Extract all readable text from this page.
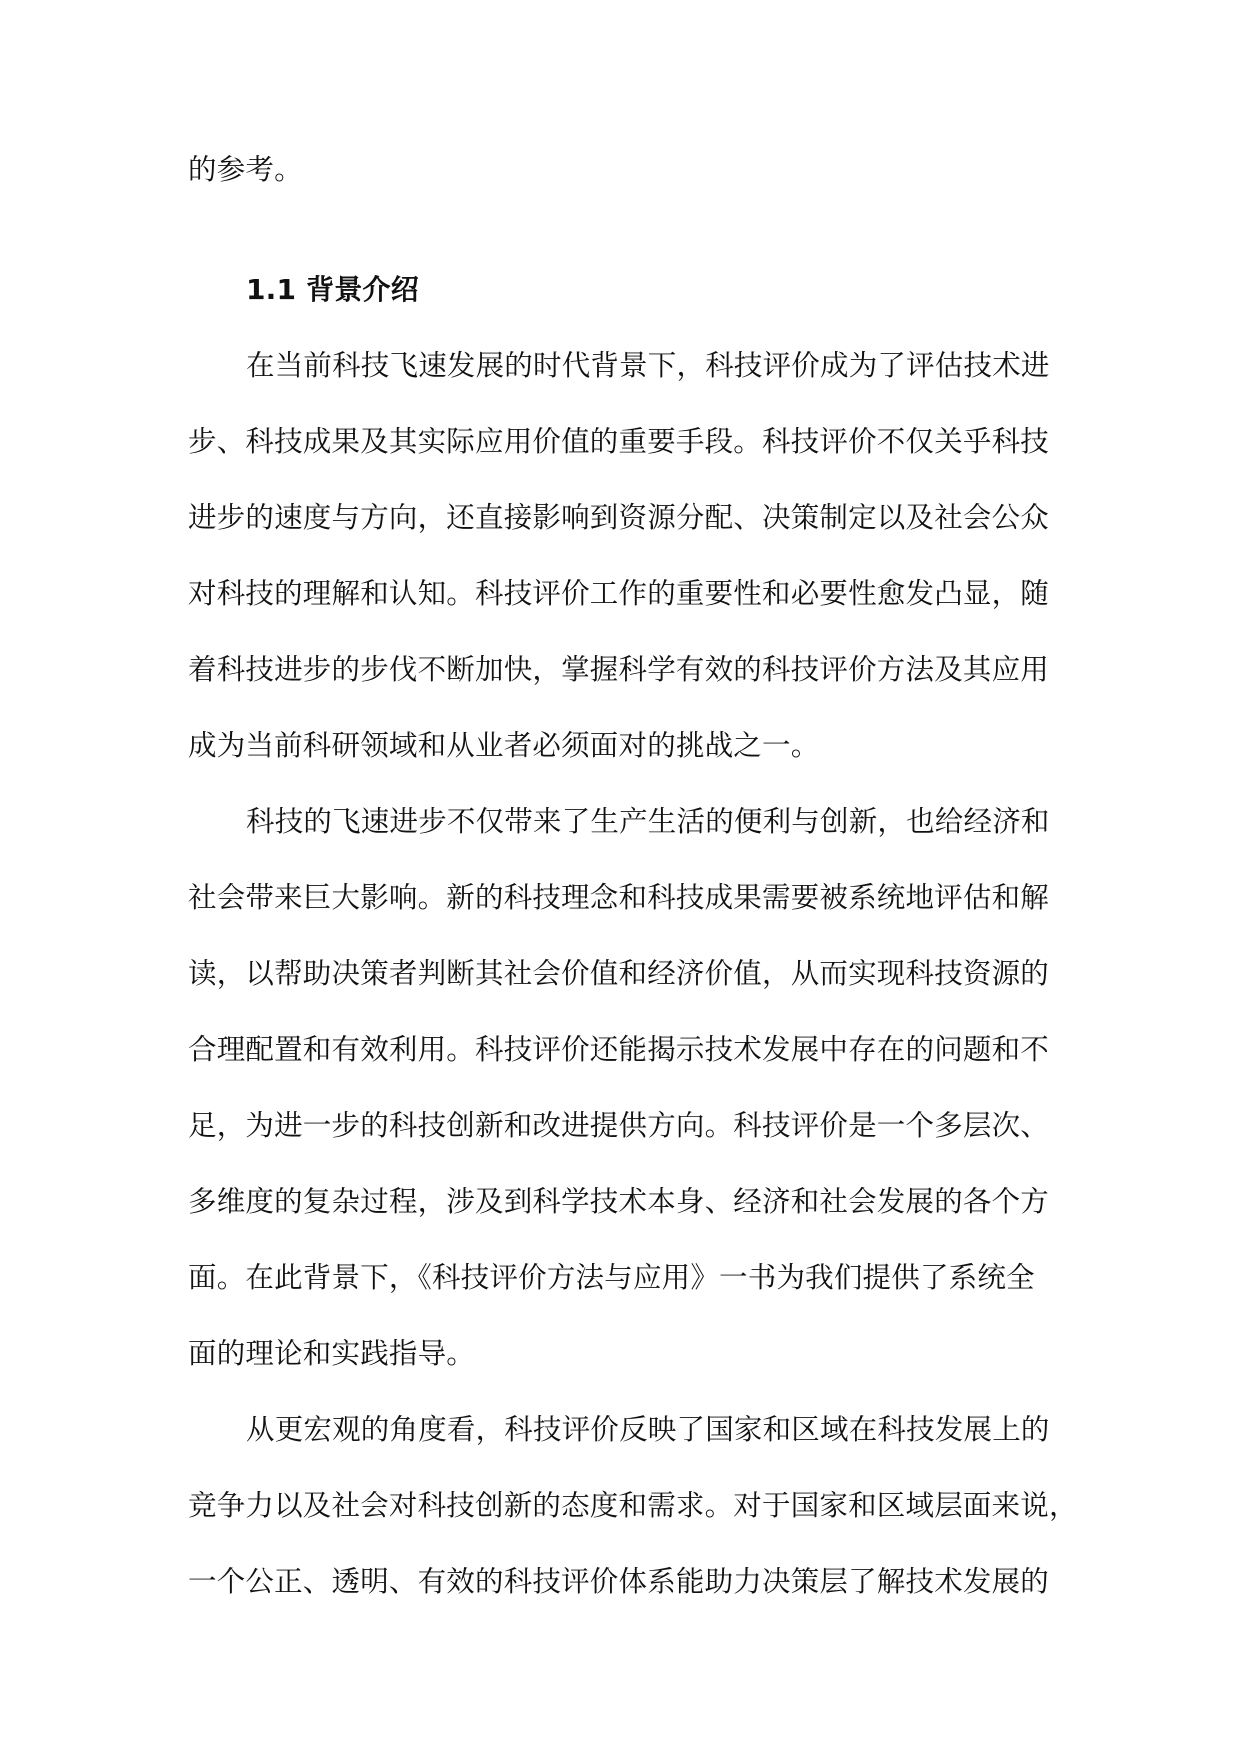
的参考。
1.1 背景介绍
在当前科技飞速发展的时代背景下，科技评价成为了评估技术进
步、科技成果及其实际应用价值的重要手段。科技评价不仅关乎科技
进步的速度与方向，还直接影响到资源分配、决策制定以及社会公众
对科技的理解和认知。科技评价工作的重要性和必要性愈发凸显，随
着科技进步的步伐不断加快，掌握科学有效的科技评价方法及其应用
成为当前科研领域和从业者必须面对的挑战之一。
科技的飞速进步不仅带来了生产生活的便利与创新，也给经济和
社会带来巨大影响。新的科技理念和科技成果需要被系统地评估和解
读，以帮助决策者判断其社会价值和经济价值，从而实现科技资源的
合理配置和有效利用。科技评价还能揭示技术发展中存在的问题和不
足，为进一步的科技创新和改进提供方向。科技评价是一个多层次、
多维度的复杂过程，涉及到科学技术本身、经济和社会发展的各个方
面。在此背景下，《科技评价方法与应用》一书为我们提供了系统全
面的理论和实践指导。
从更宏观的角度看，科技评价反映了国家和区域在科技发展上的
竞争力以及社会对科技创新的态度和需求。对于国家和区域层面来说，
一个公正、透明、有效的科技评价体系能助力决策层了解技术发展的
